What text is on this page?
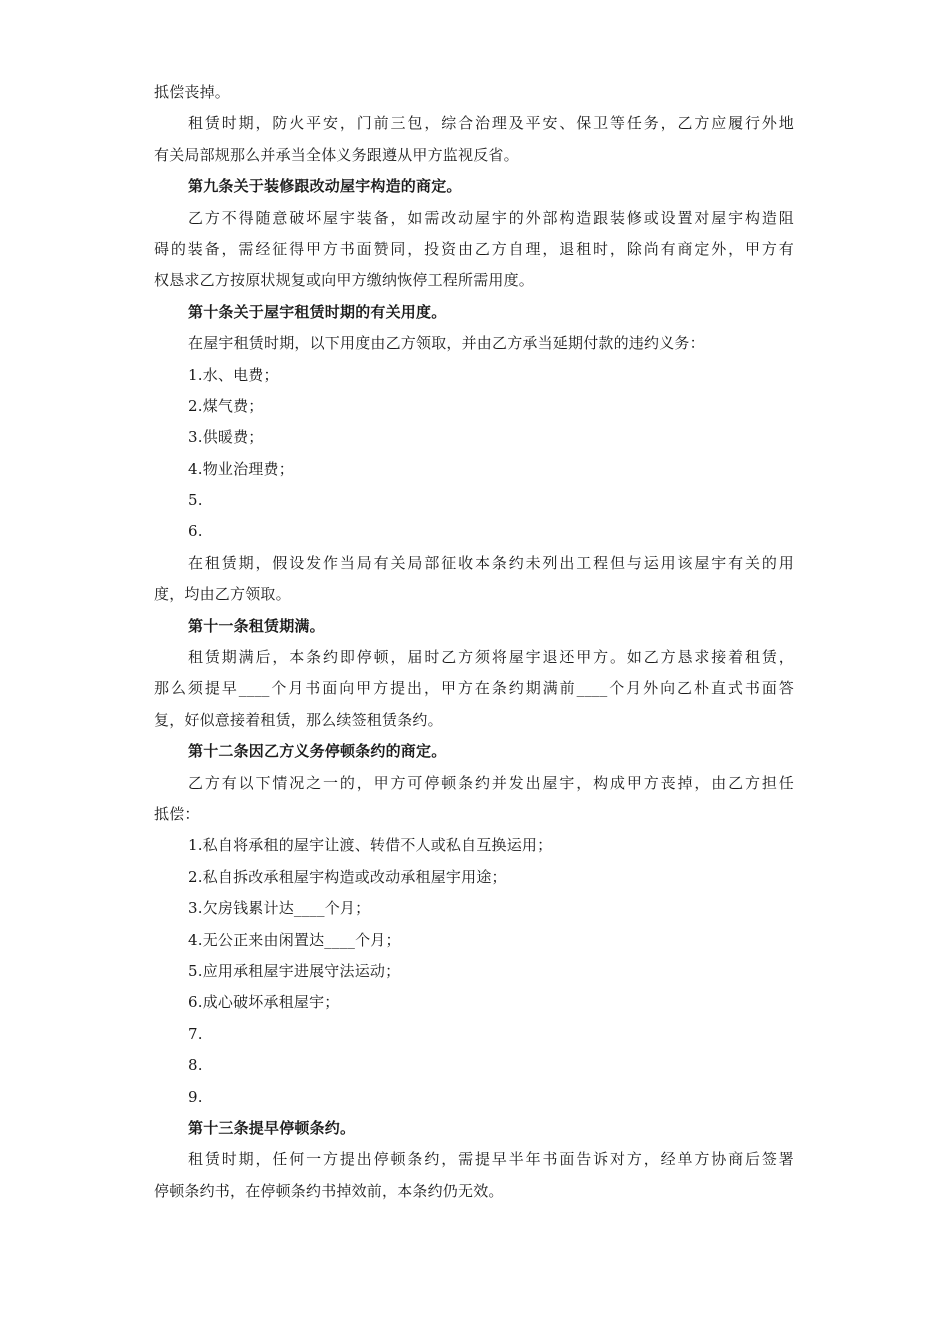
抵偿丧掉。
租赁时期，防火平安，门前三包，综合治理及平安、保卫等任务，乙方应履行外地
有关局部规那么并承当全体义务跟遵从甲方监视反省。
第九条关于装修跟改动屋宇构造的商定。
乙方不得随意破坏屋宇装备，如需改动屋宇的外部构造跟装修或设置对屋宇构造阻
碍的装备，需经征得甲方书面赞同，投资由乙方自理，退租时，除尚有商定外，甲方有
权恳求乙方按原状规复或向甲方缴纳恢停工程所需用度。
第十条关于屋宇租赁时期的有关用度。
在屋宇租赁时期，以下用度由乙方领取，并由乙方承当延期付款的违约义务：
1.水、电费；
2.煤气费；
3.供暖费；
4.物业治理费；
5.
6.
在租赁期，假设发作当局有关局部征收本条约未列出工程但与运用该屋宇有关的用
度，均由乙方领取。
第十一条租赁期满。
租赁期满后，本条约即停顿，届时乙方须将屋宇退还甲方。如乙方恳求接着租赁，
那么须提早____个月书面向甲方提出，甲方在条约期满前____个月外向乙朴直式书面答
复，好似意接着租赁，那么续签租赁条约。
第十二条因乙方义务停顿条约的商定。
乙方有以下情况之一的，甲方可停顿条约并发出屋宇，构成甲方丧掉，由乙方担任
抵偿：
1.私自将承租的屋宇让渡、转借不人或私自互换运用；
2.私自拆改承租屋宇构造或改动承租屋宇用途；
3.欠房钱累计达____个月；
4.无公正来由闲置达____个月；
5.应用承租屋宇进展守法运动；
6.成心破坏承租屋宇；
7.
8.
9.
第十三条提早停顿条约。
租赁时期，任何一方提出停顿条约，需提早半年书面告诉对方，经单方协商后签署
停顿条约书，在停顿条约书掉效前，本条约仍无效。
